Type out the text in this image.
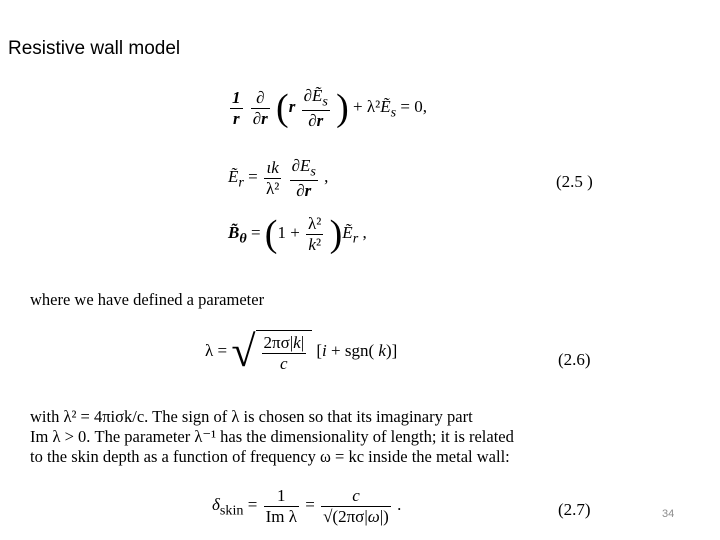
Resistive wall model
$\frac{1}{r}$
$\frac{\partial}{\partial r} (r \frac{\partial Ẽ_s}{\partial r}$ ) + λ²Ẽ$_s$ = 0,
Ẽ$_r$ = $\frac{\iota k}{\text{λ²}}$
$\frac{\partial E_s}{\partial r}$ ,	(2.5 )
$B̃_\theta = (1 + \frac{\text{λ²}}{\text{k²}}$ )Ẽ$_r$ ,
where we have defined a parameter
λ = √ $\frac{2\pi\sigma|k|}{c} [i + sgn$( k)]	(2.6)
with λ² = 4πiσk/c. The sign of λ is chosen so that its imaginary part
Im λ > 0. The parameter λ⁻¹ has the dimensionality of length; it is related
to the skin depth as a function of frequency ω = kc inside the metal wall:
$\delta_{skin} = \frac{1}{\text{Im λ}} = \frac{c}{√(2\pi\sigma|\omega|)}$ .	(2.7)	34
